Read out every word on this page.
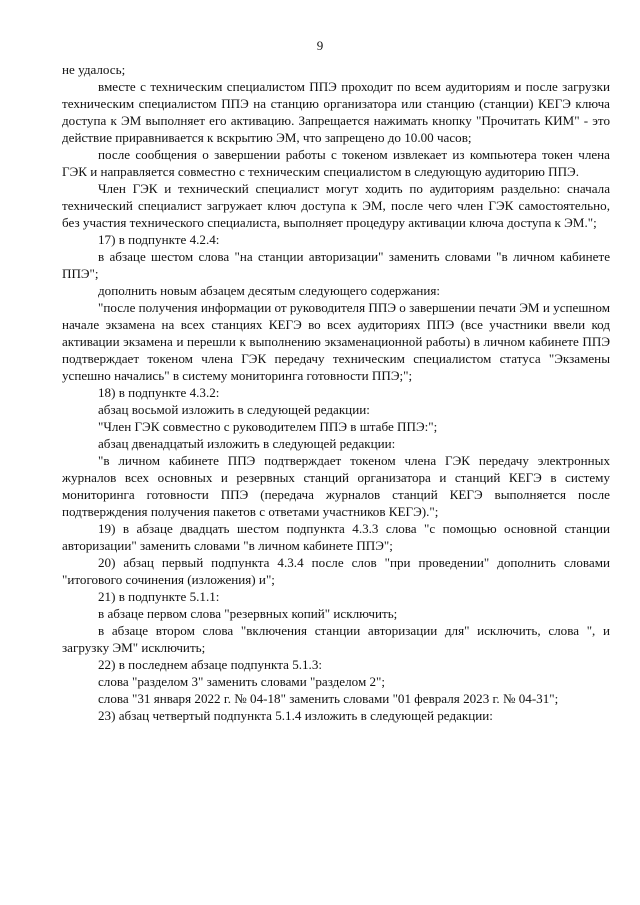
9

не удалось;

вместе с техническим специалистом ППЭ проходит по всем аудиториям и после загрузки техническим специалистом ППЭ на станцию организатора или станцию (станции) КЕГЭ ключа доступа к ЭМ выполняет его активацию. Запрещается нажимать кнопку "Прочитать КИМ" - это действие приравнивается к вскрытию ЭМ, что запрещено до 10.00 часов;

после сообщения о завершении работы с токеном извлекает из компьютера токен члена ГЭК и направляется совместно с техническим специалистом в следующую аудиторию ППЭ.

Член ГЭК и технический специалист могут ходить по аудиториям раздельно: сначала технический специалист загружает ключ доступа к ЭМ, после чего член ГЭК самостоятельно, без участия технического специалиста, выполняет процедуру активации ключа доступа к ЭМ.";

17) в подпункте 4.2.4:

в абзаце шестом слова "на станции авторизации" заменить словами "в личном кабинете ППЭ";

дополнить новым абзацем десятым следующего содержания:

"после получения информации от руководителя ППЭ о завершении печати ЭМ и успешном начале экзамена на всех станциях КЕГЭ во всех аудиториях ППЭ (все участники ввели код активации экзамена и перешли к выполнению экзаменационной работы) в личном кабинете ППЭ подтверждает токеном члена ГЭК передачу техническим специалистом статуса "Экзамены успешно начались" в систему мониторинга готовности ППЭ;";

18) в подпункте 4.3.2:

абзац восьмой изложить в следующей редакции:

"Член ГЭК совместно с руководителем ППЭ в штабе ППЭ:";

абзац двенадцатый изложить в следующей редакции:

"в личном кабинете ППЭ подтверждает токеном члена ГЭК передачу электронных журналов всех основных и резервных станций организатора и станций КЕГЭ в систему мониторинга готовности ППЭ (передача журналов станций КЕГЭ выполняется после подтверждения получения пакетов с ответами участников КЕГЭ).";

19) в абзаце двадцать шестом подпункта 4.3.3 слова "с помощью основной станции авторизации" заменить словами "в личном кабинете ППЭ";

20) абзац первый подпункта 4.3.4 после слов "при проведении" дополнить словами "итогового сочинения (изложения) и";

21) в подпункте 5.1.1:

в абзаце первом слова "резервных копий" исключить;

в абзаце втором слова "включения станции авторизации для" исключить, слова ", и загрузку ЭМ" исключить;

22) в последнем абзаце подпункта 5.1.3:

слова "разделом 3" заменить словами "разделом 2";

слова "31 января 2022 г. № 04-18" заменить словами "01 февраля 2023 г. № 04-31";

23) абзац четвертый подпункта 5.1.4 изложить в следующей редакции:
